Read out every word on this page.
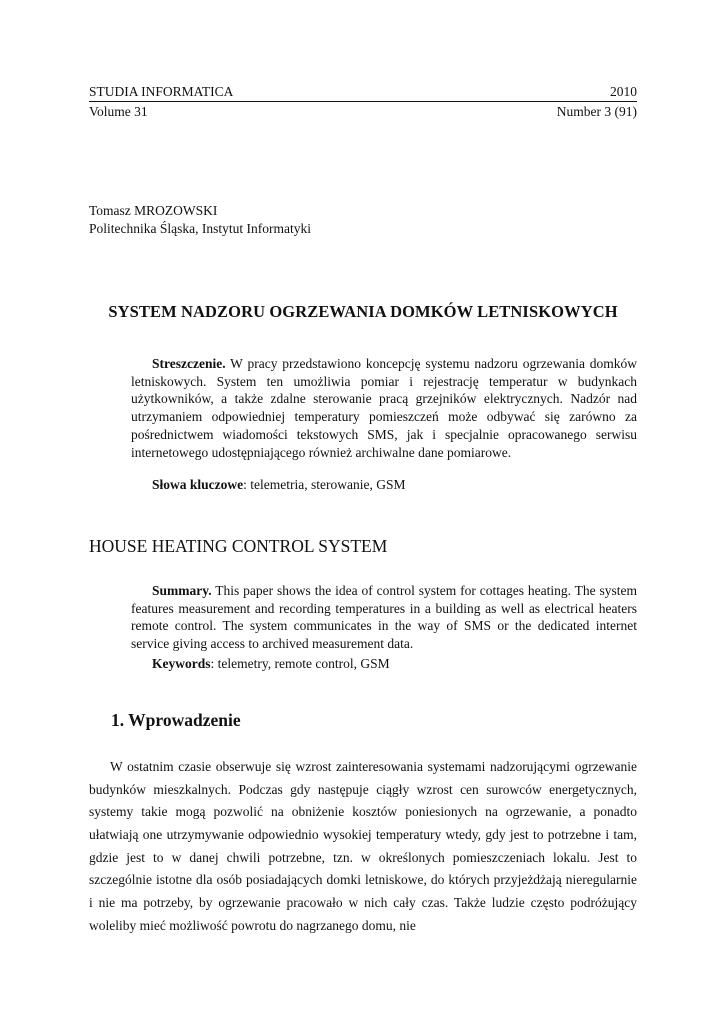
STUDIA INFORMATICA	2010
Volume 31	Number 3 (91)
Tomasz MROZOWSKI
Politechnika Śląska, Instytut Informatyki
SYSTEM NADZORU OGRZEWANIA DOMKÓW LETNISKOWYCH
Streszczenie. W pracy przedstawiono koncepcję systemu nadzoru ogrzewania domków letniskowych. System ten umożliwia pomiar i rejestrację temperatur w budynkach użytkowników, a także zdalne sterowanie pracą grzejników elektrycznych. Nadzór nad utrzymaniem odpowiedniej temperatury pomieszczeń może odbywać się zarówno za pośrednictwem wiadomości tekstowych SMS, jak i specjalnie opracowanego serwisu internetowego udostępniającego również archiwalne dane pomiarowe.
Słowa kluczowe: telemetria, sterowanie, GSM
HOUSE HEATING CONTROL SYSTEM
Summary. This paper shows the idea of control system for cottages heating. The system features measurement and recording temperatures in a building as well as electrical heaters remote control. The system communicates in the way of SMS or the dedicated internet service giving access to archived measurement data.
Keywords: telemetry, remote control, GSM
1. Wprowadzenie
W ostatnim czasie obserwuje się wzrost zainteresowania systemami nadzorującymi ogrzewanie budynków mieszkalnych. Podczas gdy następuje ciągły wzrost cen surowców energetycznych, systemy takie mogą pozwolić na obniżenie kosztów poniesionych na ogrzewanie, a ponadto ułatwiają one utrzymywanie odpowiednio wysokiej temperatury wtedy, gdy jest to potrzebne i tam, gdzie jest to w danej chwili potrzebne, tzn. w określonych pomieszczeniach lokalu. Jest to szczególnie istotne dla osób posiadających domki letniskowe, do których przyjeżdżają nieregularnie i nie ma potrzeby, by ogrzewanie pracowało w nich cały czas. Także ludzie często podróżujący woleliby mieć możliwość powrotu do nagrzanego domu, nie
